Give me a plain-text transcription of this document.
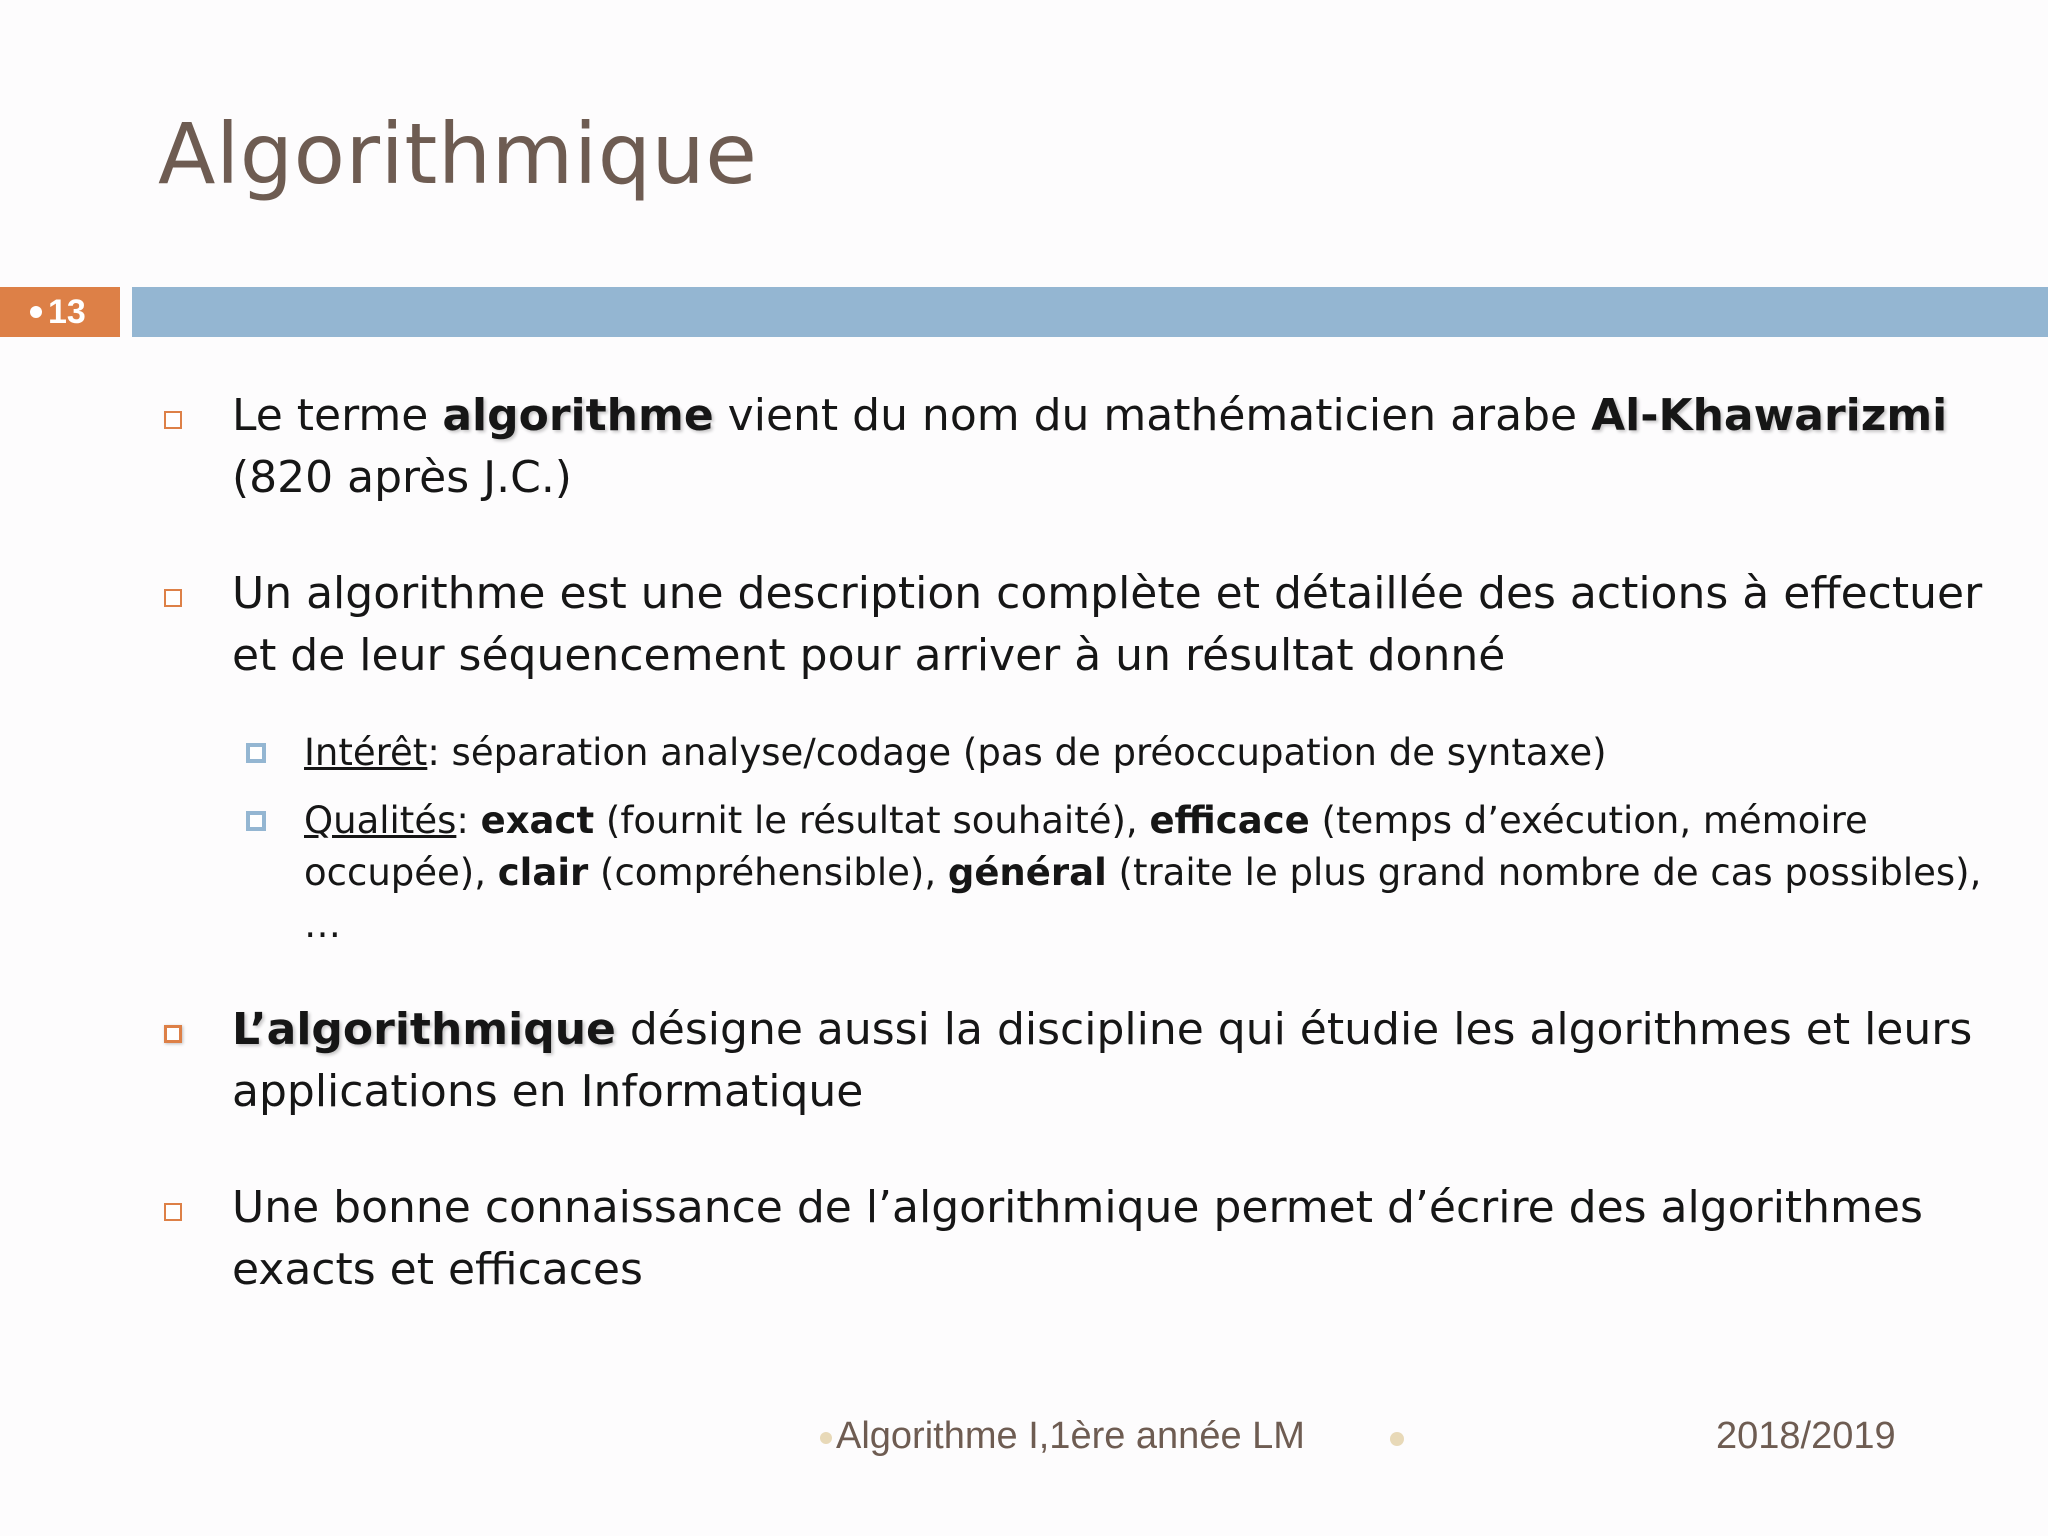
Algorithmique
13
Le terme algorithme vient du nom du mathématicien arabe Al-Khawarizmi
(820 après J.C.)
Un algorithme est une description complète et détaillée des actions à effectuer et de leur séquencement pour arriver à un résultat donné
Intérêt: séparation analyse/codage (pas de préoccupation de syntaxe)
Qualités: exact (fournit le résultat souhaité), efficace (temps d’exécution, mémoire occupée), clair (compréhensible), général (traite le plus grand nombre de cas possibles), …
L’algorithmique désigne aussi la discipline qui étudie les algorithmes et leurs applications en Informatique
Une bonne connaissance de l’algorithmique permet d’écrire des algorithmes exacts et efficaces
Algorithme I,1ère année LM	2018/2019
